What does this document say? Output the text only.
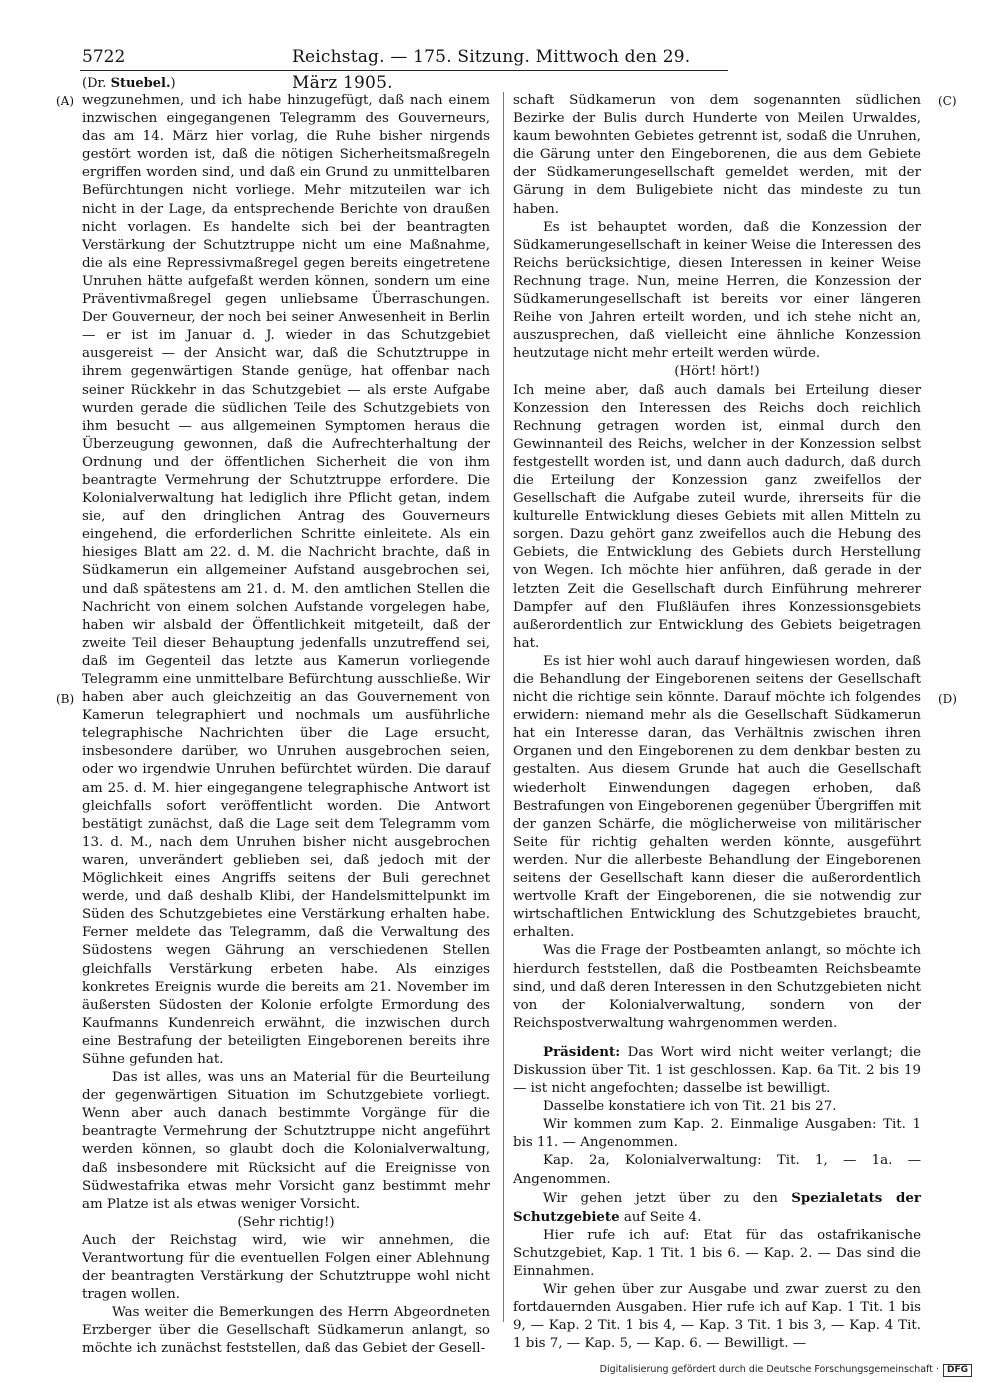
5722	Reichstag. — 175. Sitzung. Mittwoch den 29. März 1905.
(Dr. Stuebel.)
(A)
(B)
(C)
(D)

wegzunehmen, und ich habe hinzugefügt, daß nach einem inzwischen eingegangenen Telegramm des Gouverneurs, das am 14. März hier vorlag, die Ruhe bisher nirgends gestört worden ist, daß die nötigen Sicherheitsmaßregeln ergriffen worden sind, und daß ein Grund zu unmittelbaren Befürchtungen nicht vorliege. Mehr mitzuteilen war ich nicht in der Lage, da entsprechende Berichte von draußen nicht vorlagen. Es handelte sich bei der beantragten Verstärkung der Schutztruppe nicht um eine Maßnahme, die als eine Repressivmaßregel gegen bereits eingetretene Unruhen hätte aufgefaßt werden können, sondern um eine Präventivmaßregel gegen unliebsame Überraschungen. Der Gouverneur, der noch bei seiner Anwesenheit in Berlin — er ist im Januar d. J. wieder in das Schutzgebiet ausgereist — der Ansicht war, daß die Schutztruppe in ihrem gegenwärtigen Stande genüge, hat offenbar nach seiner Rückkehr in das Schutzgebiet — als erste Aufgabe wurden gerade die südlichen Teile des Schutzgebiets von ihm besucht — aus allgemeinen Symptomen heraus die Überzeugung gewonnen, daß die Aufrechterhaltung der Ordnung und der öffentlichen Sicherheit die von ihm beantragte Vermehrung der Schutztruppe erfordere. Die Kolonialverwaltung hat lediglich ihre Pflicht getan, indem sie, auf den dringlichen Antrag des Gouverneurs eingehend, die erforderlichen Schritte einleitete. Als ein hiesiges Blatt am 22. d. M. die Nachricht brachte, daß in Südkamerun ein allgemeiner Aufstand ausgebrochen sei, und daß spätestens am 21. d. M. den amtlichen Stellen die Nachricht von einem solchen Aufstande vorgelegen habe, haben wir alsbald der Öffentlichkeit mitgeteilt, daß der zweite Teil dieser Behauptung jedenfalls unzutreffend sei, daß im Gegenteil das letzte aus Kamerun vorliegende Telegramm eine unmittelbare Befürchtung ausschließe. Wir haben aber auch gleichzeitig an das Gouvernement von Kamerun telegraphiert und nochmals um ausführliche telegraphische Nachrichten über die Lage ersucht, insbesondere darüber, wo Unruhen ausgebrochen seien, oder wo irgendwie Unruhen befürchtet würden. Die darauf am 25. d. M. hier eingegangene telegraphische Antwort ist gleichfalls sofort veröffentlicht worden. Die Antwort bestätigt zunächst, daß die Lage seit dem Telegramm vom 13. d. M., nach dem Unruhen bisher nicht ausgebrochen waren, unverändert geblieben sei, daß jedoch mit der Möglichkeit eines Angriffs seitens der Buli gerechnet werde, und daß deshalb Klibi, der Handelsmittelpunkt im Süden des Schutzgebietes eine Verstärkung erhalten habe. Ferner meldete das Telegramm, daß die Verwaltung des Südostens wegen Gährung an verschiedenen Stellen gleichfalls Verstärkung erbeten habe. Als einziges konkretes Ereignis wurde die bereits am 21. November im äußersten Südosten der Kolonie erfolgte Ermordung des Kaufmanns Kundenreich erwähnt, die inzwischen durch eine Bestrafung der beteiligten Eingeborenen bereits ihre Sühne gefunden hat.

Das ist alles, was uns an Material für die Beurteilung der gegenwärtigen Situation im Schutzgebiete vorliegt. Wenn aber auch danach bestimmte Vorgänge für die beantragte Vermehrung der Schutztruppe nicht angeführt werden können, so glaubt doch die Kolonialverwaltung, daß insbesondere mit Rücksicht auf die Ereignisse von Südwestafrika etwas mehr Vorsicht ganz bestimmt mehr am Platze ist als etwas weniger Vorsicht.

(Sehr richtig!)

Auch der Reichstag wird, wie wir annehmen, die Verantwortung für die eventuellen Folgen einer Ablehnung der beantragten Verstärkung der Schutztruppe wohl nicht tragen wollen.

Was weiter die Bemerkungen des Herrn Abgeordneten Erzberger über die Gesellschaft Südkamerun anlangt, so möchte ich zunächst feststellen, daß das Gebiet der Gesell-

schaft Südkamerun von dem sogenannten südlichen Bezirke der Bulis durch Hunderte von Meilen Urwaldes, kaum bewohnten Gebietes getrennt ist, sodaß die Unruhen, die Gärung unter den Eingeborenen, die aus dem Gebiete der Südkamerungesellschaft gemeldet werden, mit der Gärung in dem Buligebiete nicht das mindeste zu tun haben.

Es ist behauptet worden, daß die Konzession der Südkamerungesellschaft in keiner Weise die Interessen des Reichs berücksichtige, diesen Interessen in keiner Weise Rechnung trage. Nun, meine Herren, die Konzession der Südkamerungesellschaft ist bereits vor einer längeren Reihe von Jahren erteilt worden, und ich stehe nicht an, auszusprechen, daß vielleicht eine ähnliche Konzession heutzutage nicht mehr erteilt werden würde.

(Hört! hört!)

Ich meine aber, daß auch damals bei Erteilung dieser Konzession den Interessen des Reichs doch reichlich Rechnung getragen worden ist, einmal durch den Gewinnanteil des Reichs, welcher in der Konzession selbst festgestellt worden ist, und dann auch dadurch, daß durch die Erteilung der Konzession ganz zweifellos der Gesellschaft die Aufgabe zuteil wurde, ihrerseits für die kulturelle Entwicklung dieses Gebiets mit allen Mitteln zu sorgen. Dazu gehört ganz zweifellos auch die Hebung des Gebiets, die Entwicklung des Gebiets durch Herstellung von Wegen. Ich möchte hier anführen, daß gerade in der letzten Zeit die Gesellschaft durch Einführung mehrerer Dampfer auf den Flußläufen ihres Konzessionsgebiets außerordentlich zur Entwicklung des Gebiets beigetragen hat.

Es ist hier wohl auch darauf hingewiesen worden, daß die Behandlung der Eingeborenen seitens der Gesellschaft nicht die richtige sein könnte. Darauf möchte ich folgendes erwidern: niemand mehr als die Gesellschaft Südkamerun hat ein Interesse daran, das Verhältnis zwischen ihren Organen und den Eingeborenen zu dem denkbar besten zu gestalten. Aus diesem Grunde hat auch die Gesellschaft wiederholt Einwendungen dagegen erhoben, daß Bestrafungen von Eingeborenen gegenüber Übergriffen mit der ganzen Schärfe, die möglicherweise von militärischer Seite für richtig gehalten werden könnte, ausgeführt werden. Nur die allerbeste Behandlung der Eingeborenen seitens der Gesellschaft kann dieser die außerordentlich wertvolle Kraft der Eingeborenen, die sie notwendig zur wirtschaftlichen Entwicklung des Schutzgebietes braucht, erhalten.

Was die Frage der Postbeamten anlangt, so möchte ich hierdurch feststellen, daß die Postbeamten Reichsbeamte sind, und daß deren Interessen in den Schutzgebieten nicht von der Kolonialverwaltung, sondern von der Reichspostverwaltung wahrgenommen werden.

Präsident: Das Wort wird nicht weiter verlangt; die Diskussion über Tit. 1 ist geschlossen. Kap. 6a Tit. 2 bis 19 — ist nicht angefochten; dasselbe ist bewilligt.

Dasselbe konstatiere ich von Tit. 21 bis 27.

Wir kommen zum Kap. 2. Einmalige Ausgaben: Tit. 1 bis 11. — Angenommen.

Kap. 2a, Kolonialverwaltung: Tit. 1, — 1a. — Angenommen.

Wir gehen jetzt über zu den Spezialetats der Schutzgebiete auf Seite 4.

Hier rufe ich auf: Etat für das ostafrikanische Schutzgebiet, Kap. 1 Tit. 1 bis 6. — Kap. 2. — Das sind die Einnahmen.

Wir gehen über zur Ausgabe und zwar zuerst zu den fortdauernden Ausgaben. Hier rufe ich auf Kap. 1 Tit. 1 bis 9, — Kap. 2 Tit. 1 bis 4, — Kap. 3 Tit. 1 bis 3, — Kap. 4 Tit. 1 bis 7, — Kap. 5, — Kap. 6. — Bewilligt. —

Digitalisierung gefördert durch die Deutsche Forschungsgemeinschaft · DFG
